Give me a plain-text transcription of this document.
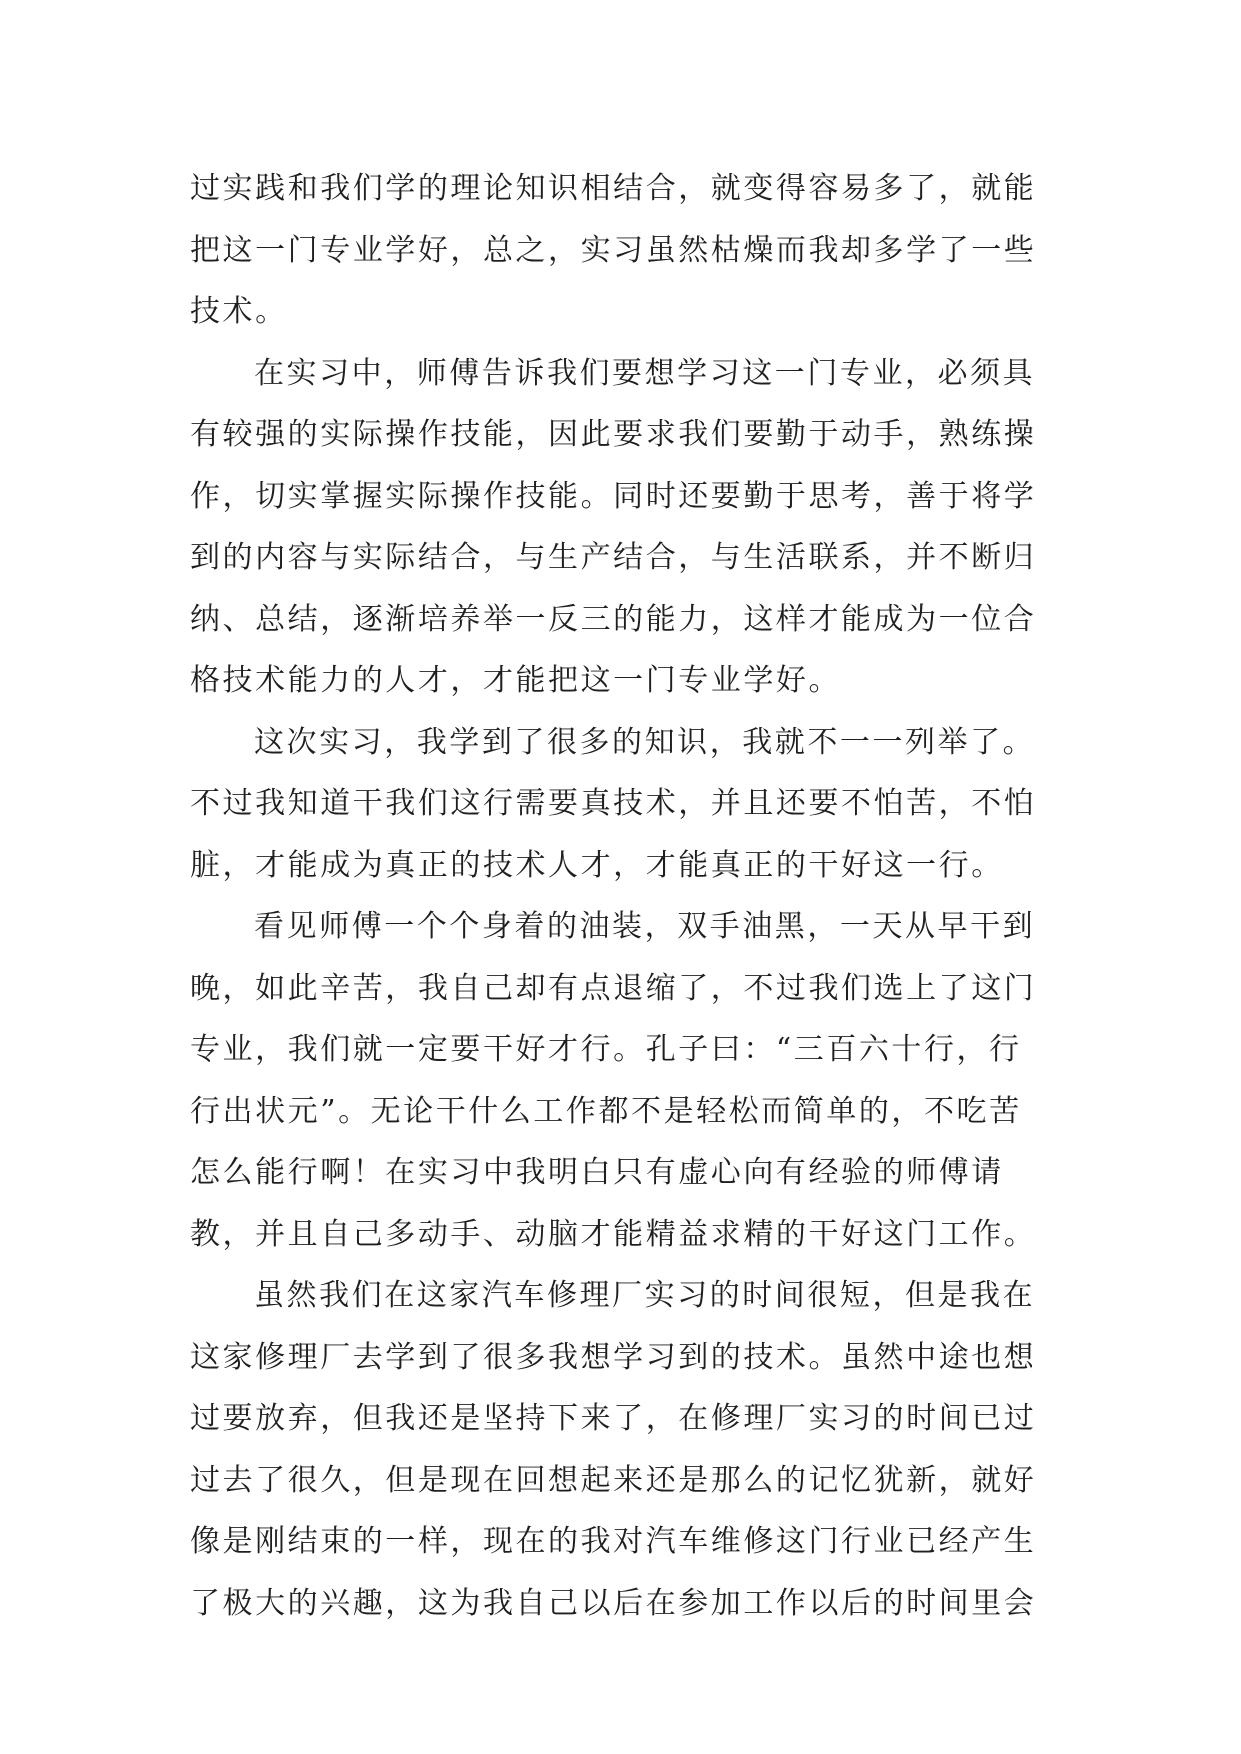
过实践和我们学的理论知识相结合，就变得容易多了，就能
把这一门专业学好，总之，实习虽然枯燥而我却多学了一些
技术。
在实习中，师傅告诉我们要想学习这一门专业，必须具
有较强的实际操作技能，因此要求我们要勤于动手，熟练操
作，切实掌握实际操作技能。同时还要勤于思考，善于将学
到的内容与实际结合，与生产结合，与生活联系，并不断归
纳、总结，逐渐培养举一反三的能力，这样才能成为一位合
格技术能力的人才，才能把这一门专业学好。
这次实习，我学到了很多的知识，我就不一一列举了。
不过我知道干我们这行需要真技术，并且还要不怕苦，不怕
脏，才能成为真正的技术人才，才能真正的干好这一行。
看见师傅一个个身着的油装，双手油黑，一天从早干到
晚，如此辛苦，我自己却有点退缩了，不过我们选上了这门
专业，我们就一定要干好才行。孔子曰：“三百六十行，行
行出状元”。无论干什么工作都不是轻松而简单的，不吃苦
怎么能行啊！在实习中我明白只有虚心向有经验的师傅请
教，并且自己多动手、动脑才能精益求精的干好这门工作。
虽然我们在这家汽车修理厂实习的时间很短，但是我在
这家修理厂去学到了很多我想学习到的技术。虽然中途也想
过要放弃，但我还是坚持下来了，在修理厂实习的时间已过
过去了很久，但是现在回想起来还是那么的记忆犹新，就好
像是刚结束的一样，现在的我对汽车维修这门行业已经产生
了极大的兴趣，这为我自己以后在参加工作以后的时间里会
